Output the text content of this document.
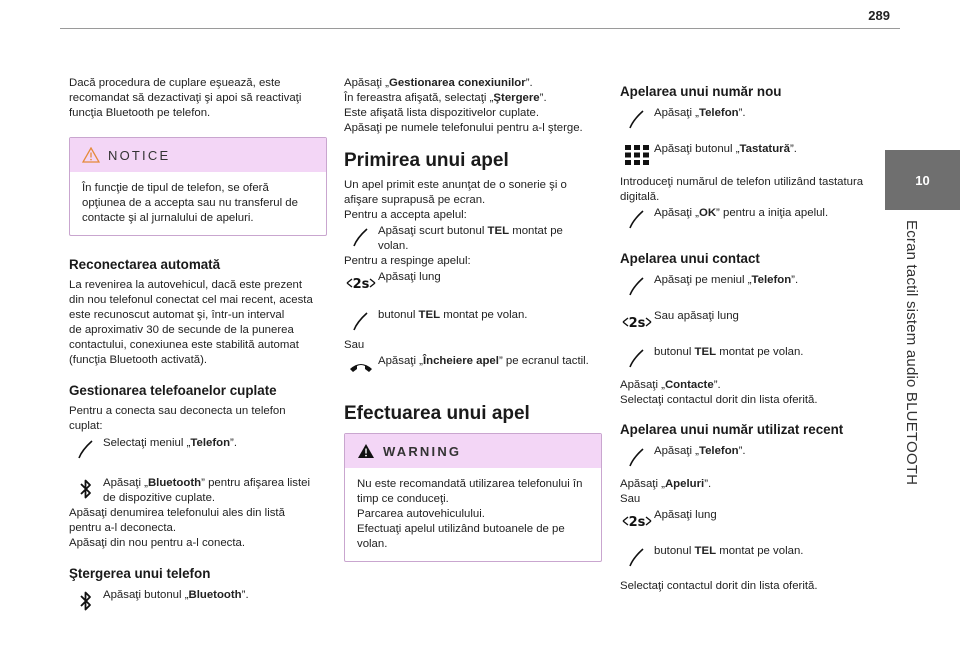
289
10
Ecran tactil sistem audio BLUETOOTH

Dacă procedura de cuplare eşuează, este
recomandat să dezactivaţi şi apoi să reactivaţi
funcţia Bluetooth pe telefon.

NOTICE

În funcţie de tipul de telefon, se oferă
opţiunea de a accepta sau nu transferul de
contacte şi al jurnalului de apeluri.

Reconectarea automată

La revenirea la autovehicul, dacă este prezent
din nou telefonul conectat cel mai recent, acesta
este recunoscut automat şi, într-un interval
de aproximativ 30 de secunde de la punerea
contactului, conexiunea este stabilită automat
(funcţia Bluetooth activată).

Gestionarea telefoanelor cuplate

Pentru a conecta sau deconecta un telefon
cuplat:

Selectaţi meniul „Telefon”.
Apăsaţi „Bluetooth” pentru afişarea listei
de dispozitive cuplate.

Apăsaţi denumirea telefonului ales din listă
pentru a-l deconecta.
Apăsaţi din nou pentru a-l conecta.

Ştergerea unui telefon
Apăsaţi butonul „Bluetooth”.

Apăsaţi „Gestionarea conexiunilor”.
În fereastra afişată, selectaţi „Ştergere”.
Este afişată lista dispozitivelor cuplate.
Apăsaţi pe numele telefonului pentru a-l şterge.

Primirea unui apel

Un apel primit este anunţat de o sonerie şi o
afişare suprapusă pe ecran.
Pentru a accepta apelul:

Apăsaţi scurt butonul TEL montat pe
volan.

Pentru a respinge apelul:

2s Apăsaţi lung
butonul TEL montat pe volan.

Sau

Apăsaţi „Încheiere apel” pe ecranul tactil.
Efectuarea unui apel
WARNING

Nu este recomandată utilizarea telefonului în
timp ce conduceţi.
Parcarea autovehiculului.
Efectuaţi apelul utilizând butoanele de pe
volan.

Apelarea unui număr nou
Apăsaţi „Telefon”.
Apăsaţi butonul „Tastatură”.

Introduceţi numărul de telefon utilizând tastatura
digitală.

Apăsaţi „OK” pentru a iniţia apelul.
Apelarea unui contact
Apăsaţi pe meniul „Telefon”.
2s Sau apăsaţi lung
butonul TEL montat pe volan.

Apăsaţi „Contacte”.
Selectaţi contactul dorit din lista oferită.

Apelarea unui număr utilizat recent
Apăsaţi „Telefon”.

Apăsaţi „Apeluri”.
Sau

2s Apăsaţi lung
butonul TEL montat pe volan.

Selectaţi contactul dorit din lista oferită.
